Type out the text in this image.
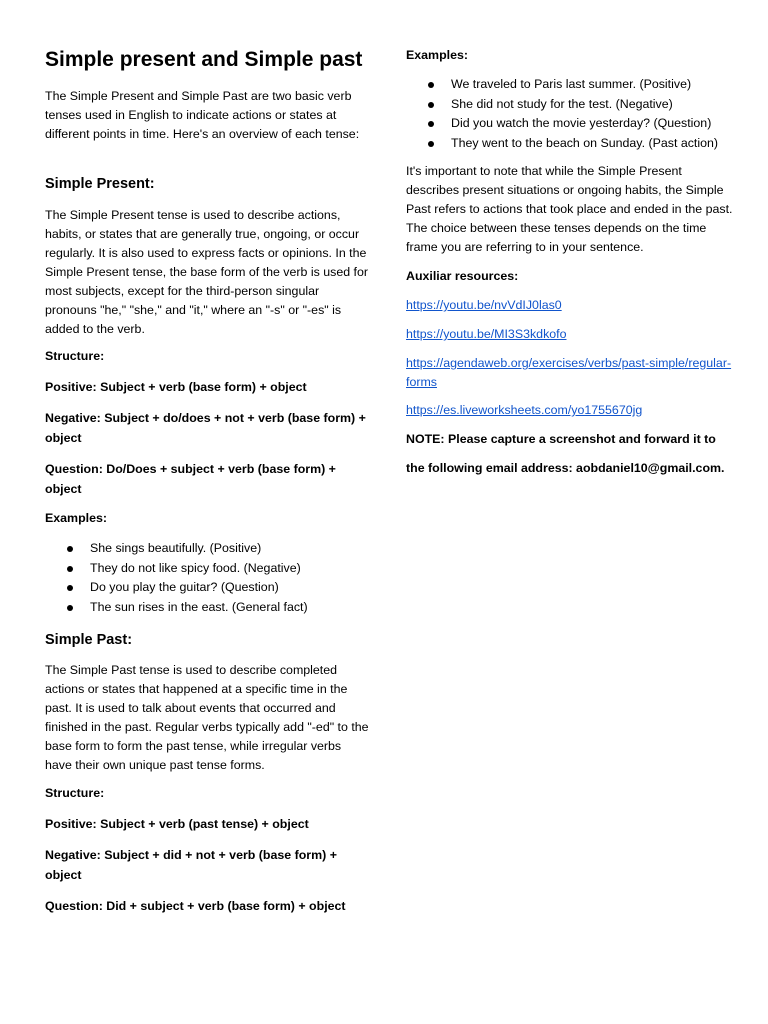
Simple present and Simple past

The Simple Present and Simple Past are two basic verb tenses used in English to indicate actions or states at different points in time. Here's an overview of each tense:

Simple Present:

The Simple Present tense is used to describe actions, habits, or states that are generally true, ongoing, or occur regularly. It is also used to express facts or opinions. In the Simple Present tense, the base form of the verb is used for most subjects, except for the third-person singular pronouns "he," "she," and "it," where an "-s" or "-es" is added to the verb.

Structure:

Positive: Subject + verb (base form) + object

Negative: Subject + do/does + not + verb (base form) + object

Question: Do/Does + subject + verb (base form) + object

Examples:

She sings beautifully. (Positive)
They do not like spicy food. (Negative)
Do you play the guitar? (Question)
The sun rises in the east. (General fact)
Simple Past:

The Simple Past tense is used to describe completed actions or states that happened at a specific time in the past. It is used to talk about events that occurred and finished in the past. Regular verbs typically add "-ed" to the base form to form the past tense, while irregular verbs have their own unique past tense forms.

Structure:

Positive: Subject + verb (past tense) + object

Negative: Subject + did + not + verb (base form) + object

Question: Did + subject + verb (base form) + object

Examples:

We traveled to Paris last summer. (Positive)
She did not study for the test. (Negative)
Did you watch the movie yesterday? (Question)
They went to the beach on Sunday. (Past action)

It's important to note that while the Simple Present describes present situations or ongoing habits, the Simple Past refers to actions that took place and ended in the past. The choice between these tenses depends on the time frame you are referring to in your sentence.

Auxiliar resources:

https://youtu.be/nvVdIJ0las0
https://youtu.be/MI3S3kdkofo
https://agendaweb.org/exercises/verbs/past-simple/regular-forms
https://es.liveworksheets.com/yo1755670jg

NOTE: Please capture a screenshot and forward it to

the following email address: aobdaniel10@gmail.com.
